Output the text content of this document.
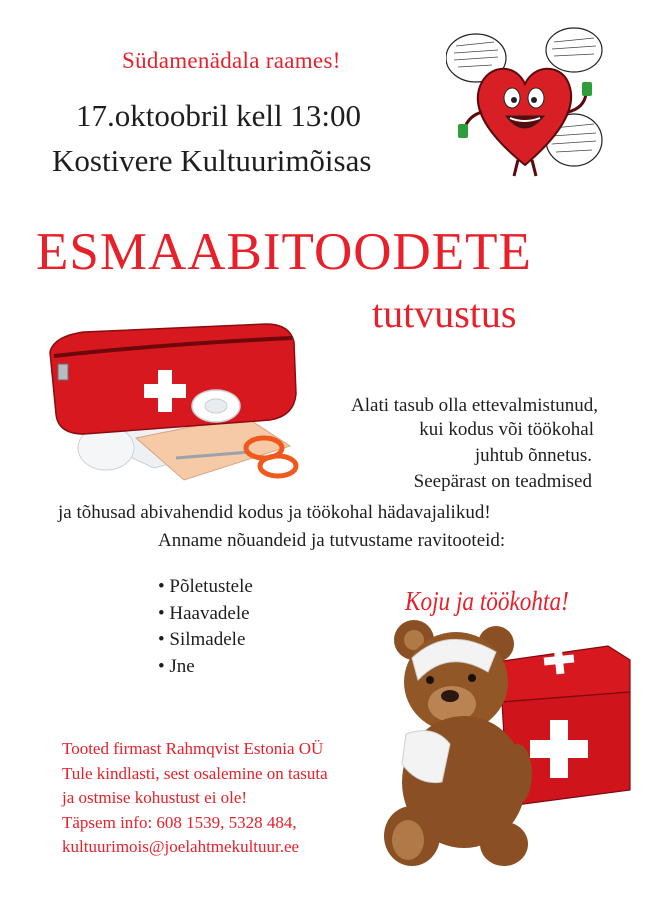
Südamenädala raames!
17.oktoobril kell 13:00
Kostivere Kultuurimõisas
ESMAABITOODETE
tutvustus
Alati tasub olla ettevalmistunud,
kui kodus või töökohal
juhtub õnnetus.
Seepärast on teadmised
ja tõhusad abivahendid kodus ja töökohal hädavajalikud!
Anname nõuandeid ja tutvustame ravitooteid:
• Põletustele
• Haavadele
• Silmadele
• Jne
Koju ja töökohta!
Tooted firmast Rahmqvist Estonia OÜ
Tule kindlasti, sest osalemine on tasuta
ja ostmise kohustust ei ole!
Täpsem info: 608 1539, 5328 484,
kultuurimois@joelahtmekultuur.ee
